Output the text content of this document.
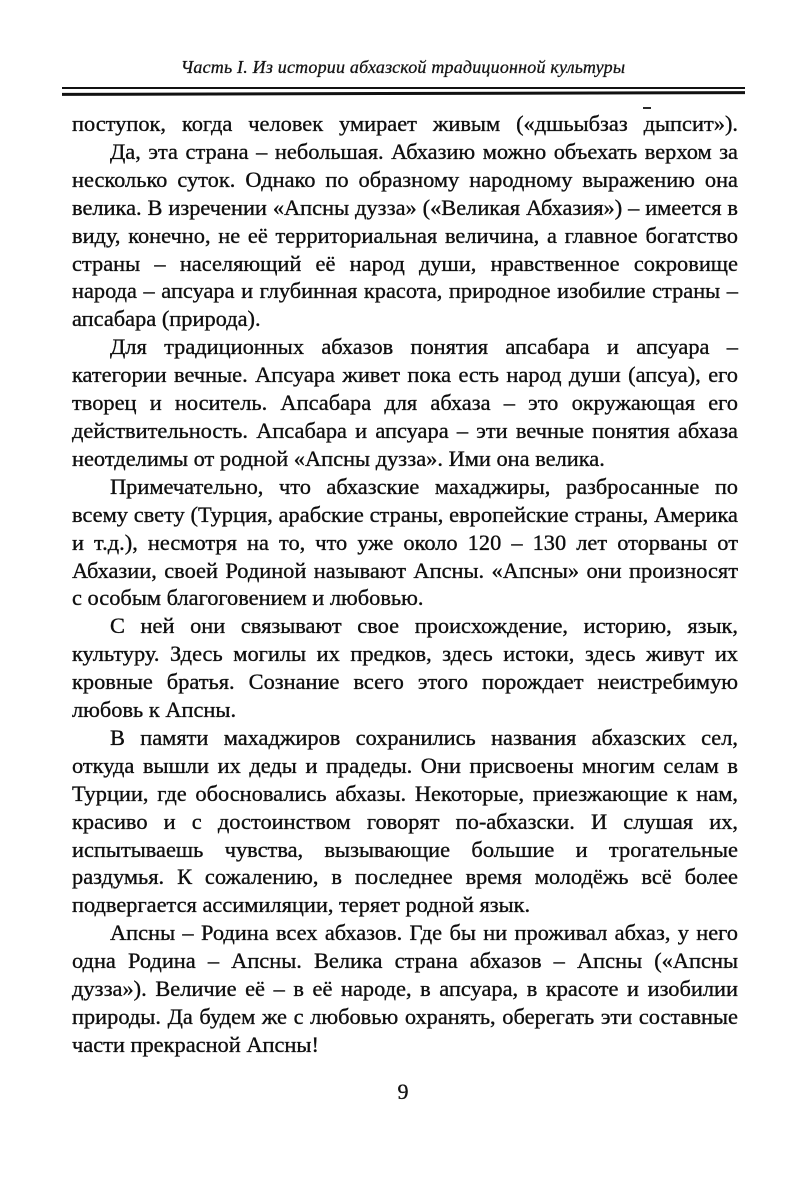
Часть I. Из истории абхазской традиционной культуры

поступок, когда человек умирает живым («дшьыбзаз дыпсит»).

Да, эта страна – небольшая. Абхазию можно объехать верхом за несколько суток. Однако по образному народному выражению она велика. В изречении «Апсны дузза» («Великая Абхазия») – имеется в виду, конечно, не её территориальная величина, а главное богатство страны – населяющий её народ души, нравственное сокровище народа – апсуара и глубинная красота, природное изобилие страны – апсабара (природа).

Для традиционных абхазов понятия апсабара и апсуара – категории вечные. Апсуара живет пока есть народ души (апсуа), его творец и носитель. Апсабара для абхаза – это окружающая его действительность. Апсабара и апсуара – эти вечные понятия абхаза неотделимы от родной «Апсны дузза». Ими она велика.

Примечательно, что абхазские махаджиры, разбросанные по всему свету (Турция, арабские страны, европейские страны, Америка и т.д.), несмотря на то, что уже около 120 – 130 лет оторваны от Абхазии, своей Родиной называют Апсны. «Апсны» они произносят с особым благоговением и любовью.

С ней они связывают свое происхождение, историю, язык, культуру. Здесь могилы их предков, здесь истоки, здесь живут их кровные братья. Сознание всего этого порождает неистребимую любовь к Апсны.

В памяти махаджиров сохранились названия абхазских сел, откуда вышли их деды и прадеды. Они присвоены многим селам в Турции, где обосновались абхазы. Некоторые, приезжающие к нам, красиво и с достоинством говорят по-абхазски. И слушая их, испытываешь чувства, вызывающие большие и трогательные раздумья. К сожалению, в последнее время молодёжь всё более подвергается ассимиляции, теряет родной язык.

Апсны – Родина всех абхазов. Где бы ни проживал абхаз, у него одна Родина – Апсны. Велика страна абхазов – Апсны («Апсны дузза»). Величие её – в её народе, в апсуара, в красоте и изобилии природы. Да будем же с любовью охранять, оберегать эти составные части прекрасной Апсны!

9
